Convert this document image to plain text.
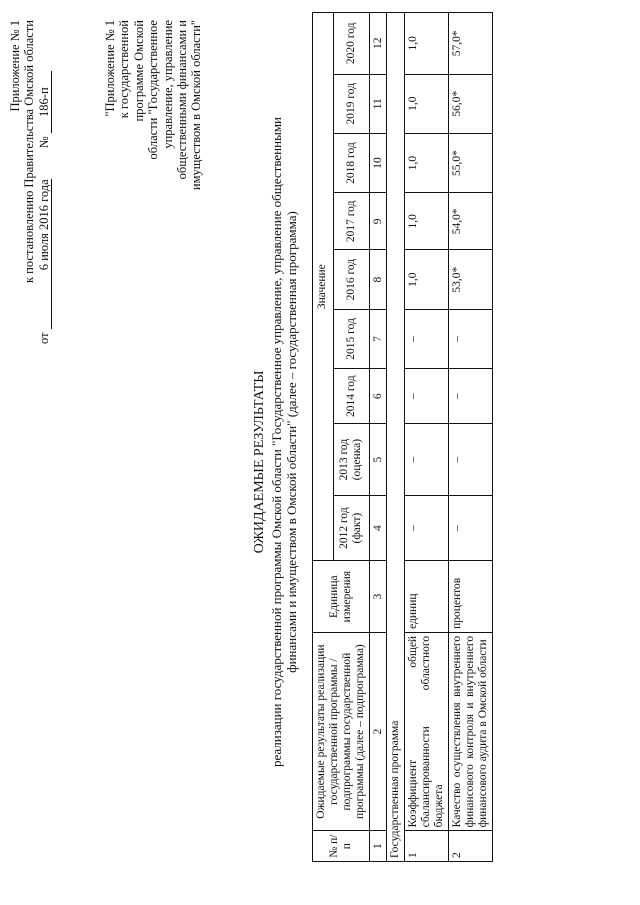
Приложение № 1 к постановлению Правительства Омской области
от 6 июля 2016 года № 186-п	"Приложение № 1 к государственной программе Омской области "Государственное управление, управление общественными финансами и имуществом в Омской области"
ОЖИДАЕМЫЕ РЕЗУЛЬТАТЫ реализации государственной программы Омской области "Государственное управление, управление общественными финансами и имуществом в Омской области" (далее – государственная программа)
№ п/п	Ожидаемые результаты реализации государственной программы / подпрограммы государственной программы (далее – подпрограмма)	Единица измерения	Значение								
			2012 год (факт)	2013 год (оценка)	2014 год	2015 год	2016 год	2017 год	2018 год	2019 год	2020 год
1	2	3	4	5	6	7	8	9	10	11	12
Государственная программа											
1	Коэффициент общей сбалансированности областного бюджета	единиц	–	–	–	–	1,0	1,0	1,0	1,0	1,0
2	Качество осуществления внутреннего финансового контроля и внутреннего финансового аудита в Омской области	процентов	–	–	–	–	53,0*	54,0*	55,0*	56,0*	57,0*
